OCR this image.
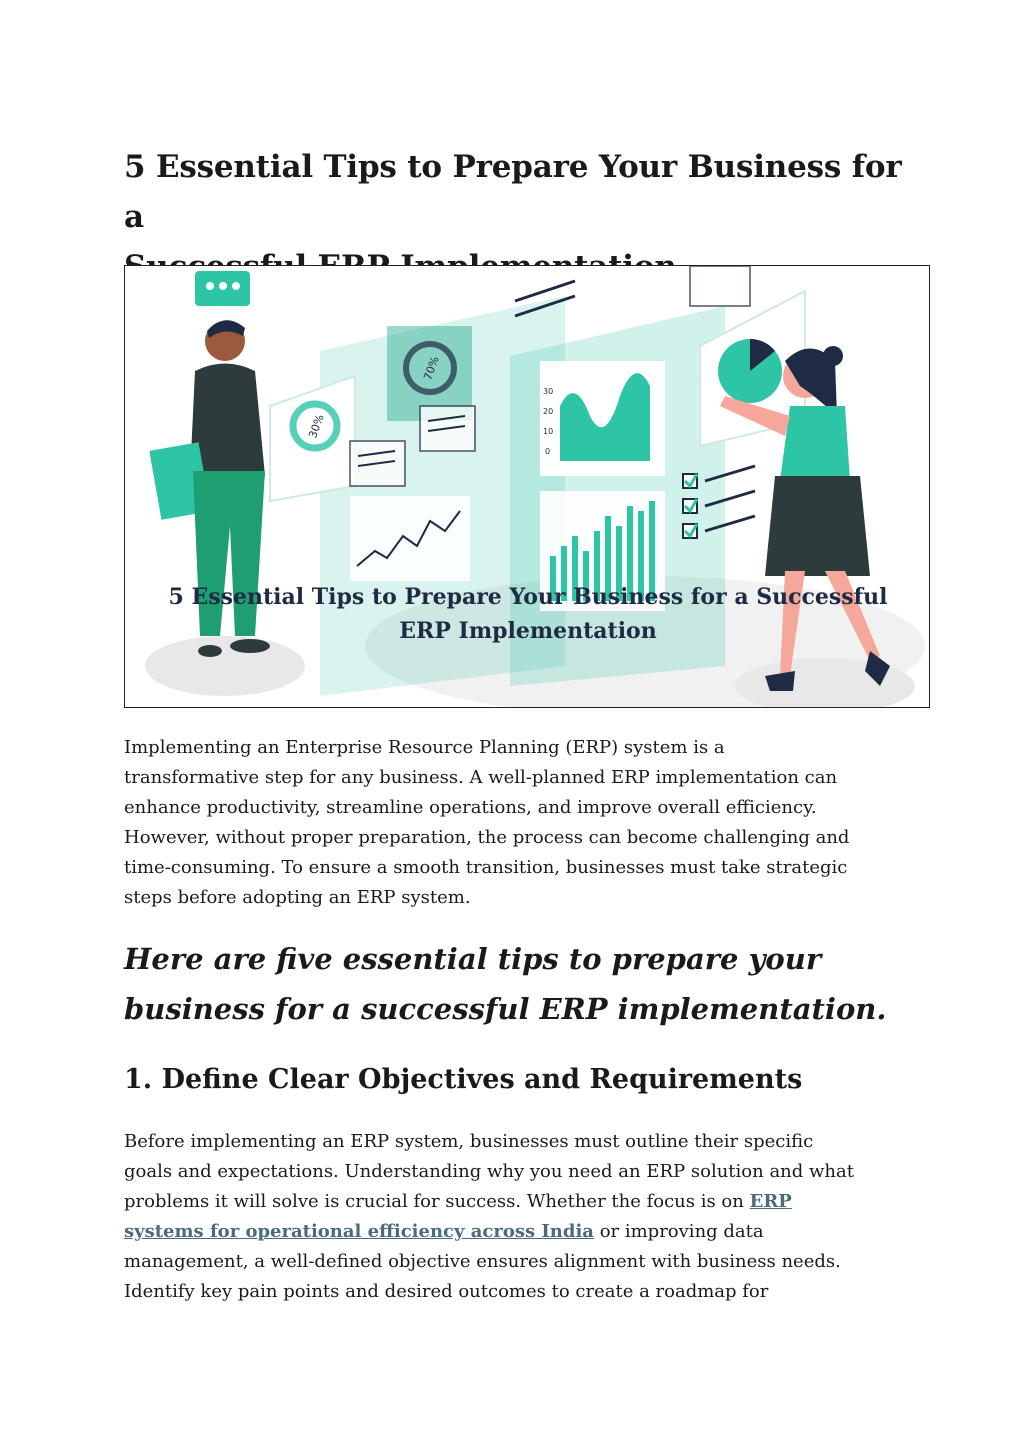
5 Essential Tips to Prepare Your Business for a
30%
70%
30
20
10
0
5 Essential Tips to Prepare Your Business for a Successful
ERP Implementation

Implementing an Enterprise Resource Planning (ERP) system is a
transformative step for any business. A well-planned ERP implementation can
enhance productivity, streamline operations, and improve overall efficiency.
However, without proper preparation, the process can become challenging and
time-consuming. To ensure a smooth transition, businesses must take strategic
steps before adopting an ERP system.

Here are five essential tips to prepare your
business for a successful ERP implementation.
1. Define Clear Objectives and Requirements

Before implementing an ERP system, businesses must outline their specific
goals and expectations. Understanding why you need an ERP solution and what
problems it will solve is crucial for success. Whether the focus is on ERP
systems for operational efficiency across India or improving data
management, a well-defined objective ensures alignment with business needs.
Identify key pain points and desired outcomes to create a roadmap for
